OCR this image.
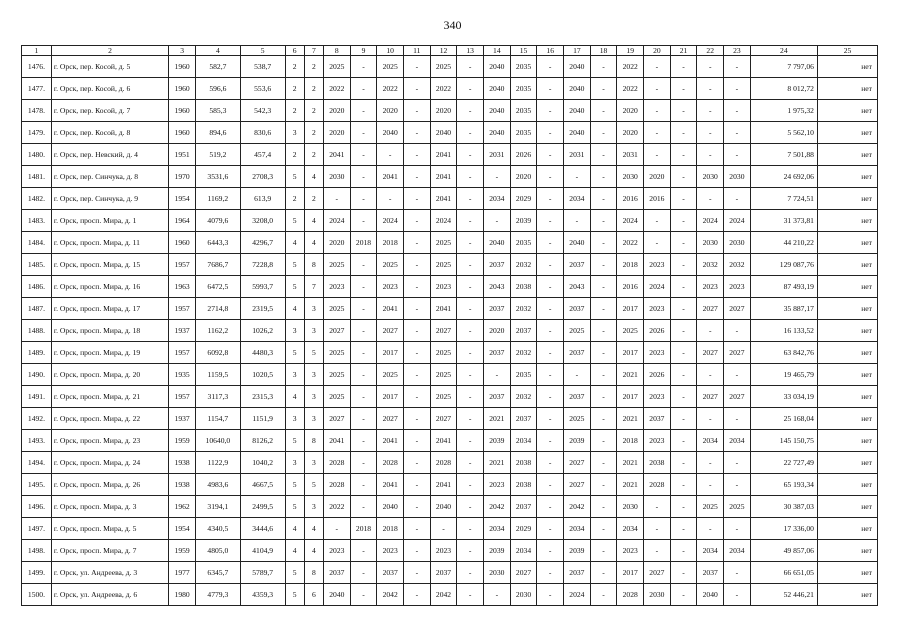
340
1	2	3	4	5	6	7	8	9	10	11	12	13	14	15	16	17	18	19	20	21	22	23	24	25
1476.	г. Орск, пер. Косой, д. 5	1960	582,7	538,7	2	2	2025	-	2025	-	2025	-	2040	2035	-	2040	-	2022	-	-	-	-	7 797,06	нет
1477.	г. Орск, пер. Косой, д. 6	1960	596,6	553,6	2	2	2022	-	2022	-	2022	-	2040	2035	-	2040	-	2022	-	-	-	-	8 012,72	нет
1478.	г. Орск, пер. Косой, д. 7	1960	585,3	542,3	2	2	2020	-	2020	-	2020	-	2040	2035	-	2040	-	2020	-	-	-	-	1 975,32	нет
1479.	г. Орск, пер. Косой, д. 8	1960	894,6	830,6	3	2	2020	-	2040	-	2040	-	2040	2035	-	2040	-	2020	-	-	-	-	5 562,10	нет
1480.	г. Орск, пер. Невский, д. 4	1951	519,2	457,4	2	2	2041	-	-	-	2041	-	2031	2026	-	2031	-	2031	-	-	-	-	7 501,88	нет
1481.	г. Орск, пер. Синчука, д. 8	1970	3531,6	2708,3	5	4	2030	-	2041	-	2041	-	-	2020	-	-	-	2030	2020	-	2030	2030	24 692,06	нет
1482.	г. Орск, пер. Синчука, д. 9	1954	1169,2	613,9	2	2	-	-	-	-	2041	-	2034	2029	-	2034	-	2016	2016	-	-	-	7 724,51	нет
1483.	г. Орск, просп. Мира, д. 1	1964	4079,6	3208,0	5	4	2024	-	2024	-	2024	-	-	2039	-	-	-	2024	-	-	2024	2024	31 373,81	нет
1484.	г. Орск, просп. Мира, д. 11	1960	6443,3	4296,7	4	4	2020	2018	2018	-	2025	-	2040	2035	-	2040	-	2022	-	-	2030	2030	44 210,22	нет
1485.	г. Орск, просп. Мира, д. 15	1957	7686,7	7228,8	5	8	2025	-	2025	-	2025	-	2037	2032	-	2037	-	2018	2023	-	2032	2032	129 087,76	нет
1486.	г. Орск, просп. Мира, д. 16	1963	6472,5	5993,7	5	7	2023	-	2023	-	2023	-	2043	2038	-	2043	-	2016	2024	-	2023	2023	87 493,19	нет
1487.	г. Орск, просп. Мира, д. 17	1957	2714,8	2319,5	4	3	2025	-	2041	-	2041	-	2037	2032	-	2037	-	2017	2023	-	2027	2027	35 887,17	нет
1488.	г. Орск, просп. Мира, д. 18	1937	1162,2	1026,2	3	3	2027	-	2027	-	2027	-	2020	2037	-	2025	-	2025	2026	-	-	-	16 133,52	нет
1489.	г. Орск, просп. Мира, д. 19	1957	6092,8	4480,3	5	5	2025	-	2017	-	2025	-	2037	2032	-	2037	-	2017	2023	-	2027	2027	63 842,76	нет
1490.	г. Орск, просп. Мира, д. 20	1935	1159,5	1020,5	3	3	2025	-	2025	-	2025	-	-	2035	-	-	-	2021	2026	-	-	-	19 465,79	нет
1491.	г. Орск, просп. Мира, д. 21	1957	3117,3	2315,3	4	3	2025	-	2017	-	2025	-	2037	2032	-	2037	-	2017	2023	-	2027	2027	33 034,19	нет
1492.	г. Орск, просп. Мира, д. 22	1937	1154,7	1151,9	3	3	2027	-	2027	-	2027	-	2021	2037	-	2025	-	2021	2037	-	-	-	25 168,04	нет
1493.	г. Орск, просп. Мира, д. 23	1959	10640,0	8126,2	5	8	2041	-	2041	-	2041	-	2039	2034	-	2039	-	2018	2023	-	2034	2034	145 150,75	нет
1494.	г. Орск, просп. Мира, д. 24	1938	1122,9	1040,2	3	3	2028	-	2028	-	2028	-	2021	2038	-	2027	-	2021	2038	-	-	-	22 727,49	нет
1495.	г. Орск, просп. Мира, д. 26	1938	4983,6	4667,5	5	5	2028	-	2041	-	2041	-	2023	2038	-	2027	-	2021	2028	-	-	-	65 193,34	нет
1496.	г. Орск, просп. Мира, д. 3	1962	3194,1	2499,5	5	3	2022	-	2040	-	2040	-	2042	2037	-	2042	-	2030	-	-	2025	2025	30 387,03	нет
1497.	г. Орск, просп. Мира, д. 5	1954	4340,5	3444,6	4	4	-	2018	2018	-	-	-	2034	2029	-	2034	-	2034	-	-	-	-	17 336,00	нет
1498.	г. Орск, просп. Мира, д. 7	1959	4805,0	4104,9	4	4	2023	-	2023	-	2023	-	2039	2034	-	2039	-	2023	-	-	2034	2034	49 857,06	нет
1499.	г. Орск, ул. Андреева, д. 3	1977	6345,7	5789,7	5	8	2037	-	2037	-	2037	-	2030	2027	-	2037	-	2017	2027	-	2037	-	66 651,05	нет
1500.	г. Орск, ул. Андреева, д. 6	1980	4779,3	4359,3	5	6	2040	-	2042	-	2042	-	-	2030	-	2024	-	2028	2030	-	2040	-	52 446,21	нет
